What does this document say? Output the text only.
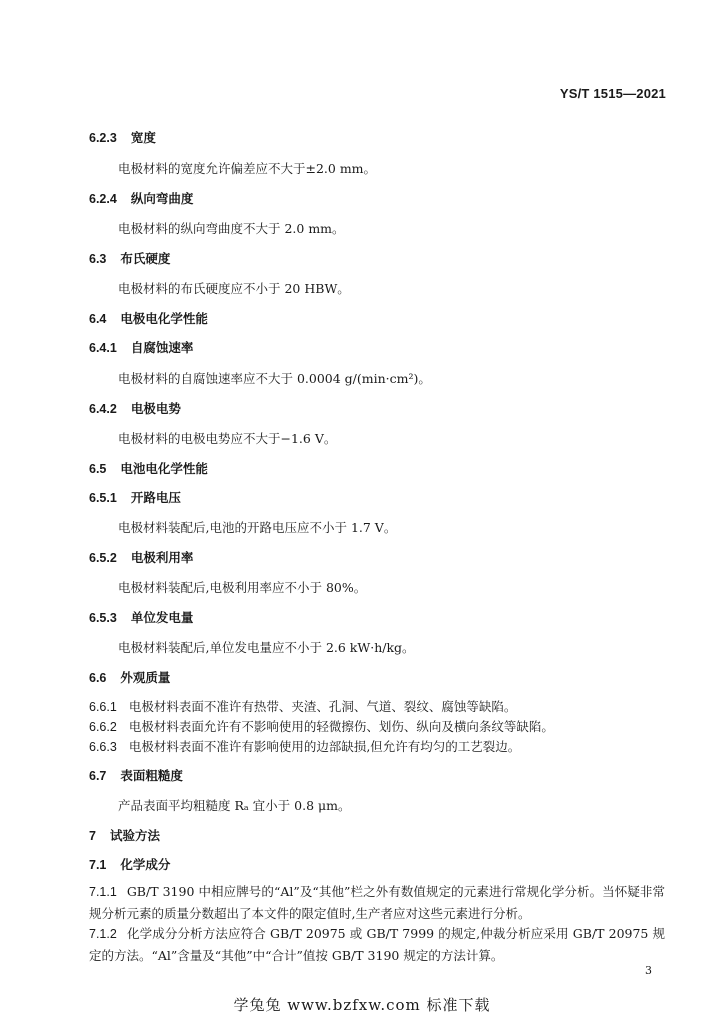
YS/T 1515—2021
6.2.3 宽度
电极材料的宽度允许偏差应不大于±2.0 mm。
6.2.4 纵向弯曲度
电极材料的纵向弯曲度不大于 2.0 mm。
6.3 布氏硬度
电极材料的布氏硬度应不小于 20 HBW。
6.4 电极电化学性能
6.4.1 自腐蚀速率
电极材料的自腐蚀速率应不大于 0.0004 g/(min·cm²)。
6.4.2 电极电势
电极材料的电极电势应不大于−1.6 V。
6.5 电池电化学性能
6.5.1 开路电压
电极材料装配后,电池的开路电压应不小于 1.7 V。
6.5.2 电极利用率
电极材料装配后,电极利用率应不小于 80%。
6.5.3 单位发电量
电极材料装配后,单位发电量应不小于 2.6 kW·h/kg。
6.6 外观质量
6.6.1 电极材料表面不准许有热带、夹渣、孔洞、气道、裂纹、腐蚀等缺陷。
6.6.2 电极材料表面允许有不影响使用的轻微擦伤、划伤、纵向及横向条纹等缺陷。
6.6.3 电极材料表面不准许有影响使用的边部缺损,但允许有均匀的工艺裂边。
6.7 表面粗糙度
产品表面平均粗糙度 Rₐ 宜小于 0.8 μm。
7 试验方法
7.1 化学成分
7.1.1 GB/T 3190 中相应牌号的“Al”及“其他”栏之外有数值规定的元素进行常规化学分析。当怀疑非常规分析元素的质量分数超出了本文件的限定值时,生产者应对这些元素进行分析。
7.1.2 化学成分分析方法应符合 GB/T 20975 或 GB/T 7999 的规定,仲裁分析应采用 GB/T 20975 规定的方法。“Al”含量及“其他”中“合计”值按 GB/T 3190 规定的方法计算。
3
学兔兔 www.bzfxw.com 标准下载
